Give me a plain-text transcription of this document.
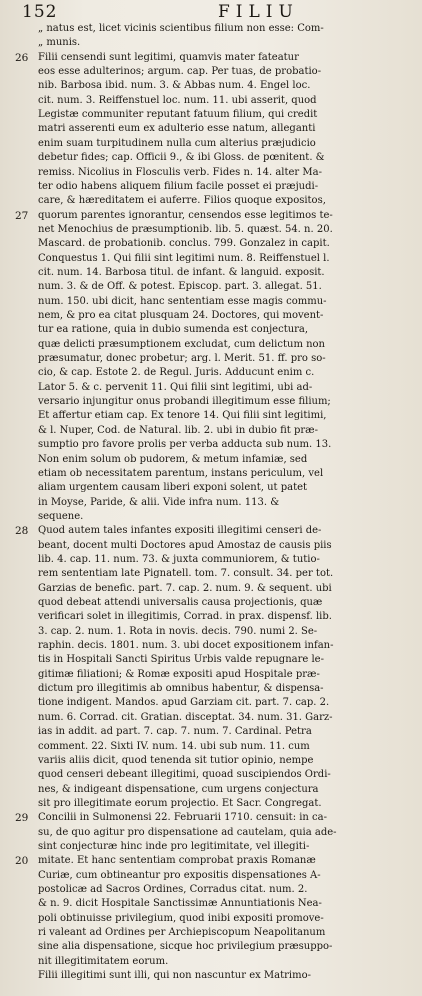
152	FILIU
„ natus est, licet vicinis scientibus filium non esse: Com-
„ munis.
26 Filii censendi sunt legitimi, quamvis mater fateatur
eos esse adulterinos; argum. cap. Per tuas, de probatio-
nib. Barbosa ibid. num. 3. & Abbas num. 4. Engel loc.
cit. num. 3. Reiffenstuel loc. num. 11. ubi asserit, quod
Legistæ communiter reputant fatuum filium, qui credit
matri asserenti eum ex adulterio esse natum, alleganti
enim suam turpitudinem nulla cum alterius præjudicio
debetur fides; cap. Officii 9., & ibi Gloss. de pœnitent. &
remiss. Nicolius in Flosculis verb. Fides n. 14. alter Ma-
ter odio habens aliquem filium facile posset ei præjudi-
care, & hæreditatem ei auferre. Filios quoque expositos,
27 quorum parentes ignorantur, censendos esse legitimos te-
net Menochius de præsumptionib. lib. 5. quæst. 54. n. 20.
Mascard. de probationib. conclus. 799. Gonzalez in capit.
Conquestus 1. Qui filii sint legitimi num. 8. Reiffenstuel l.
cit. num. 14. Barbosa titul. de infant. & languid. exposit.
num. 3. & de Off. & potest. Episcop. part. 3. allegat. 51.
num. 150. ubi dicit, hanc sententiam esse magis commu-
nem, & pro ea citat plusquam 24. Doctores, qui movent-
tur ea ratione, quia in dubio sumenda est conjectura,
quæ delicti præsumptionem excludat, cum delictum non
præsumatur, donec probetur; arg. l. Merit. 51. ff. pro so-
cio, & cap. Estote 2. de Regul. Juris. Adducunt enim c.
Lator 5. & c. pervenit 11. Qui filii sint legitimi, ubi ad-
versario injungitur onus probandi illegitimum esse filium;
Et affertur etiam cap. Ex tenore 14. Qui filii sint legitimi,
& l. Nuper, Cod. de Natural. lib. 2. ubi in dubio fit præ-
sumptio pro favore prolis per verba adducta sub num. 13.
Non enim solum ob pudorem, & metum infamiæ, sed
etiam ob necessitatem parentum, instans periculum, vel
aliam urgentem causam liberi exponi solent, ut patet
in Moyse, Paride, & alii. Vide infra num. 113. &
sequene.
28 Quod autem tales infantes expositi illegitimi censeri de-
beant, docent multi Doctores apud Amostaz de causis piis
lib. 4. cap. 11. num. 73. & juxta communiorem, & tutio-
rem sententiam late Pignatell. tom. 7. consult. 34. per tot.
Garzias de benefic. part. 7. cap. 2. num. 9. & sequent. ubi
quod debeat attendi universalis causa projectionis, quæ
verificari solet in illegitimis, Corrad. in prax. dispensf. lib.
3. cap. 2. num. 1. Rota in novis. decis. 790. numi 2. Se-
raphin. decis. 1801. num. 3. ubi docet expositionem infan-
tis in Hospitali Sancti Spiritus Urbis valde repugnare le-
gitimæ filiationi; & Romæ expositi apud Hospitale præ-
dictum pro illegitimis ab omnibus habentur, & dispensa-
tione indigent. Mandos. apud Garziam cit. part. 7. cap. 2.
num. 6. Corrad. cit. Gratian. disceptat. 34. num. 31. Garz-
ias in addit. ad part. 7. cap. 7. num. 7. Cardinal. Petra
comment. 22. Sixti IV. num. 14. ubi sub num. 11. cum
variis aliis dicit, quod tenenda sit tutior opinio, nempe
quod censeri debeant illegitimi, quoad suscipiendos Ordi-
nes, & indigeant dispensatione, cum urgens conjectura
sit pro illegitimate eorum projectio. Et Sacr. Congregat.
29 Concilii in Sulmonensi 22. Februarii 1710. censuit: in ca-
su, de quo agitur pro dispensatione ad cautelam, quia ade-
sint conjecturæ hinc inde pro legitimitate, vel illegiti-
20 mitate. Et hanc sententiam comprobat praxis Romanæ
Curiæ, cum obtineantur pro expositis dispensationes A-
postolicæ ad Sacros Ordines, Corradus citat. num. 2.
& n. 9. dicit Hospitale Sanctissimæ Annuntiationis Nea-
poli obtinuisse privilegium, quod inibi expositi promove-
ri valeant ad Ordines per Archiepiscopum Neapolitanum
sine alia dispensatione, sicque hoc privilegium præsuppo-
nit illegitimitatem eorum.
Filii illegitimi sunt illi, qui non nascuntur ex Matrimo-
